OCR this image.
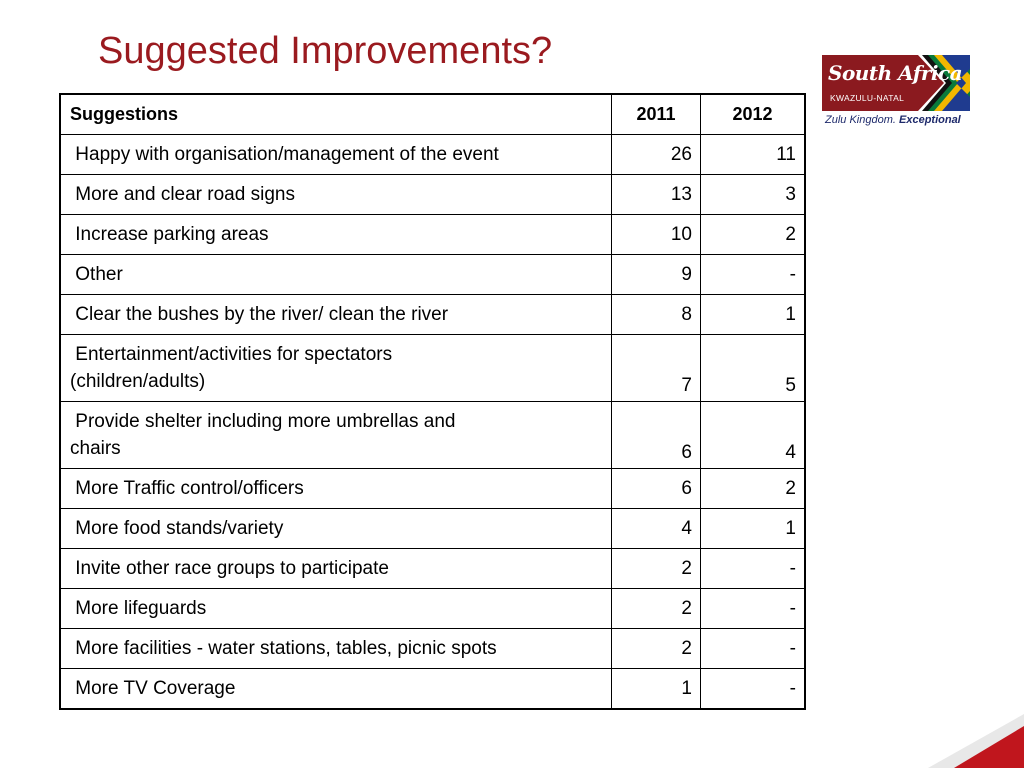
Suggested Improvements?
South Africa
KWAZULU-NATAL
Zulu Kingdom. Exceptional
Suggestions	2011	2012
Happy with organisation/management of the event	26	11
More and clear road signs	13	3
Increase parking areas	10	2
Other	9	-
Clear the bushes by the river/ clean the river	8	1
Entertainment/activities for spectators
(children/adults)	7	5
Provide shelter including more umbrellas and
chairs	6	4
More Traffic control/officers	6	2
More food stands/variety	4	1
Invite other race groups to participate	2	-
More lifeguards	2	-
More facilities - water stations, tables, picnic spots	2	-
More TV Coverage	1	-
